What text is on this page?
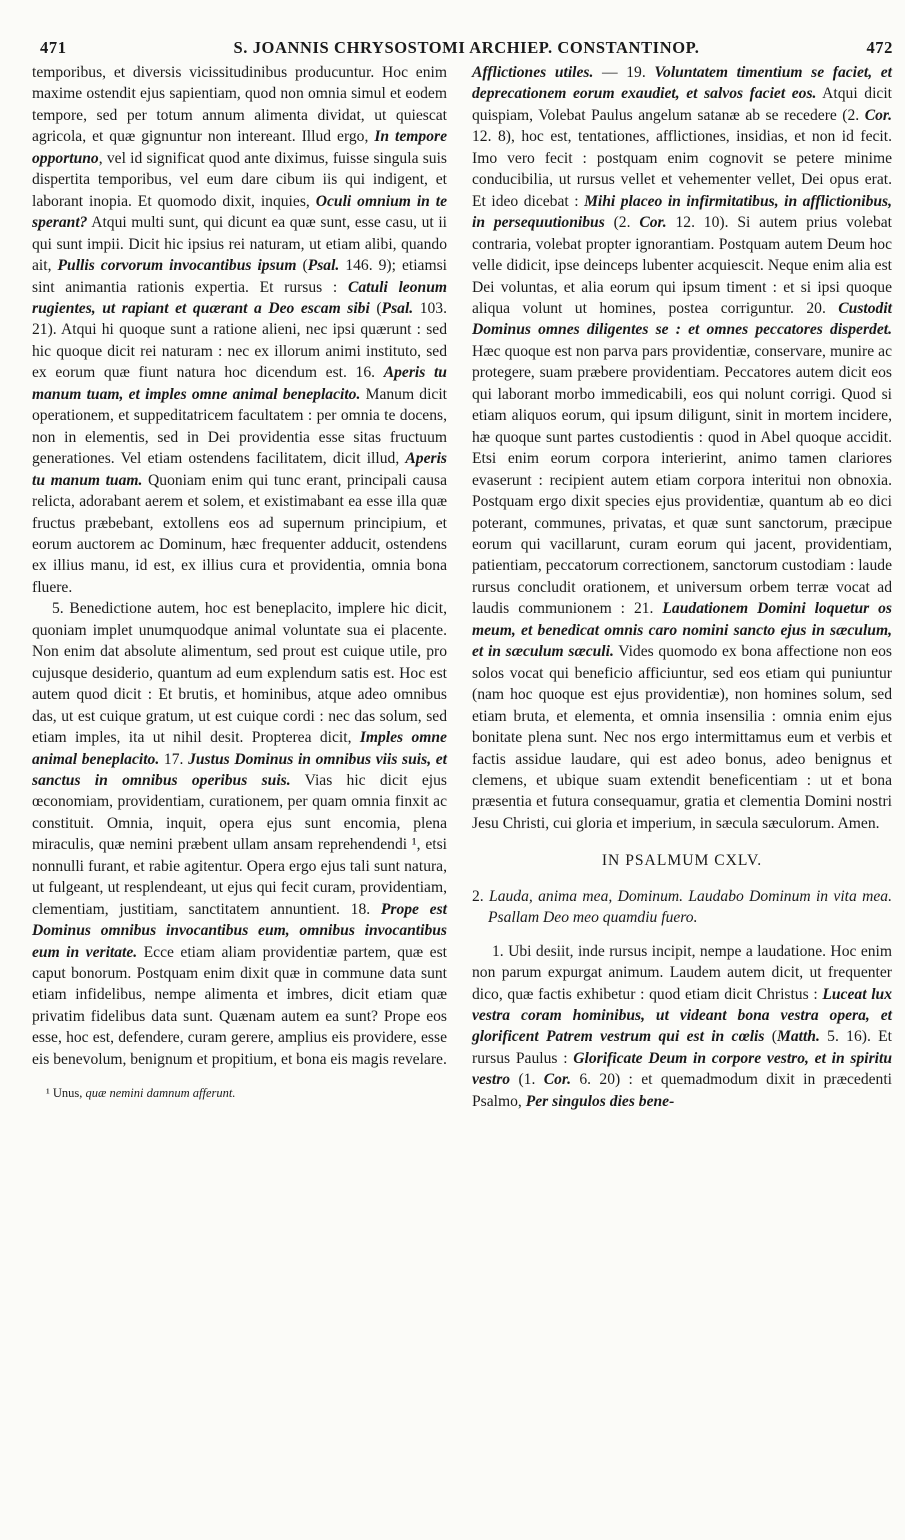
471	S. JOANNIS CHRYSOSTOMI ARCHIEP. CONSTANTINOP.	472

temporibus, et diversis vicissitudinibus producuntur. Hoc enim maxime ostendit ejus sapientiam, quod non omnia simul et eodem tempore, sed per totum annum alimenta dividat, ut quiescat agricola, et quæ gignuntur non intereant. Illud ergo, In tempore opportuno, vel id significat quod ante diximus, fuisse singula suis dispertita temporibus, vel eum dare cibum iis qui indigent, et laborant inopia. Et quomodo dixit, inquies, Oculi omnium in te sperant? Atqui multi sunt, qui dicunt ea quæ sunt, esse casu, ut ii qui sunt impii. Dicit hic ipsius rei naturam, ut etiam alibi, quando ait, Pullis corvorum invocantibus ipsum (Psal. 146. 9); etiamsi sint animantia rationis expertia. Et rursus : Catuli leonum rugientes, ut rapiant et quærant a Deo escam sibi (Psal. 103. 21). Atqui hi quoque sunt a ratione alieni, nec ipsi quærunt : sed hic quoque dicit rei naturam : nec ex illorum animi instituto, sed ex eorum quæ fiunt natura hoc dicendum est. 16. Aperis tu manum tuam, et imples omne animal beneplacito. Manum dicit operationem, et suppeditatricem facultatem : per omnia te docens, non in elementis, sed in Dei providentia esse sitas fructuum generationes. Vel etiam ostendens facilitatem, dicit illud, Aperis tu manum tuam. Quoniam enim qui tunc erant, principali causa relicta, adorabant aerem et solem, et existimabant ea esse illa quæ fructus præbebant, extollens eos ad supernum principium, et eorum auctorem ac Dominum, hæc frequenter adducit, ostendens ex illius manu, id est, ex illius cura et providentia, omnia bona fluere.

5. Benedictione autem, hoc est beneplacito, implere hic dicit, quoniam implet unumquodque animal voluntate sua ei placente. Non enim dat absolute alimentum, sed prout est cuique utile, pro cujusque desiderio, quantum ad eum explendum satis est. Hoc est autem quod dicit : Et brutis, et hominibus, atque adeo omnibus das, ut est cuique gratum, ut est cuique cordi : nec das solum, sed etiam imples, ita ut nihil desit. Propterea dicit, Imples omne animal beneplacito. 17. Justus Dominus in omnibus viis suis, et sanctus in omnibus operibus suis. Vias hic dicit ejus œconomiam, providentiam, curationem, per quam omnia finxit ac constituit. Omnia, inquit, opera ejus sunt encomia, plena miraculis, quæ nemini præbent ullam ansam reprehendendi ¹, etsi nonnulli furant, et rabie agitentur. Opera ergo ejus tali sunt natura, ut fulgeant, ut resplendeant, ut ejus qui fecit curam, providentiam, clementiam, justitiam, sanctitatem annuntient. 18. Prope est Dominus omnibus invocantibus eum, omnibus invocantibus eum in veritate. Ecce etiam aliam providentiæ partem, quæ est caput bonorum. Postquam enim dixit quæ in commune data sunt etiam infidelibus, nempe alimenta et imbres, dicit etiam quæ privatim fidelibus data sunt. Quænam autem ea sunt? Prope eos esse, hoc est, defendere, curam gerere, amplius eis providere, esse eis benevolum, benignum et propitium, et bona eis magis revelare.

¹ Unus, quæ nemini damnum afferunt.

Afflictiones utiles. — 19. Voluntatem timentium se faciet, et deprecationem eorum exaudiet, et salvos faciet eos. Atqui dicit quispiam, Volebat Paulus angelum satanæ ab se recedere (2. Cor. 12. 8), hoc est, tentationes, afflictiones, insidias, et non id fecit. Imo vero fecit : postquam enim cognovit se petere minime conducibilia, ut rursus vellet et vehementer vellet, Dei opus erat. Et ideo dicebat : Mihi placeo in infirmitatibus, in afflictionibus, in persequutionibus (2. Cor. 12. 10). Si autem prius volebat contraria, volebat propter ignorantiam. Postquam autem Deum hoc velle didicit, ipse deinceps lubenter acquiescit. Neque enim alia est Dei voluntas, et alia eorum qui ipsum timent : et si ipsi quoque aliqua volunt ut homines, postea corriguntur. 20. Custodit Dominus omnes diligentes se : et omnes peccatores disperdet. Hæc quoque est non parva pars providentiæ, conservare, munire ac protegere, suam præbere providentiam. Peccatores autem dicit eos qui laborant morbo immedicabili, eos qui nolunt corrigi. Quod si etiam aliquos eorum, qui ipsum diligunt, sinit in mortem incidere, hæ quoque sunt partes custodientis : quod in Abel quoque accidit. Etsi enim eorum corpora interierint, animo tamen clariores evaserunt : recipient autem etiam corpora interitui non obnoxia. Postquam ergo dixit species ejus providentiæ, quantum ab eo dici poterant, communes, privatas, et quæ sunt sanctorum, præcipue eorum qui vacillarunt, curam eorum qui jacent, providentiam, patientiam, peccatorum correctionem, sanctorum custodiam : laude rursus concludit orationem, et universum orbem terræ vocat ad laudis communionem : 21. Laudationem Domini loquetur os meum, et benedicat omnis caro nomini sancto ejus in sæculum, et in sæculum sæculi. Vides quomodo ex bona affectione non eos solos vocat qui beneficio afficiuntur, sed eos etiam qui puniuntur (nam hoc quoque est ejus providentiæ), non homines solum, sed etiam bruta, et elementa, et omnia insensilia : omnia enim ejus bonitate plena sunt. Nec nos ergo intermittamus eum et verbis et factis assidue laudare, qui est adeo bonus, adeo benignus et clemens, et ubique suam extendit beneficentiam : ut et bona præsentia et futura consequamur, gratia et clementia Domini nostri Jesu Christi, cui gloria et imperium, in sæcula sæculorum. Amen.

IN PSALMUM CXLV.
2. Lauda, anima mea, Dominum. Laudabo Dominum in vita mea. Psallam Deo meo quamdiu fuero.

1. Ubi desiit, inde rursus incipit, nempe a laudatione. Hoc enim non parum expurgat animum. Laudem autem dicit, ut frequenter dico, quæ factis exhibetur : quod etiam dicit Christus : Luceat lux vestra coram hominibus, ut videant bona vestra opera, et glorificent Patrem vestrum qui est in cœlis (Matth. 5. 16). Et rursus Paulus : Glorificate Deum in corpore vestro, et in spiritu vestro (1. Cor. 6. 20) : et quemadmodum dixit in præcedenti Psalmo, Per singulos dies bene-
